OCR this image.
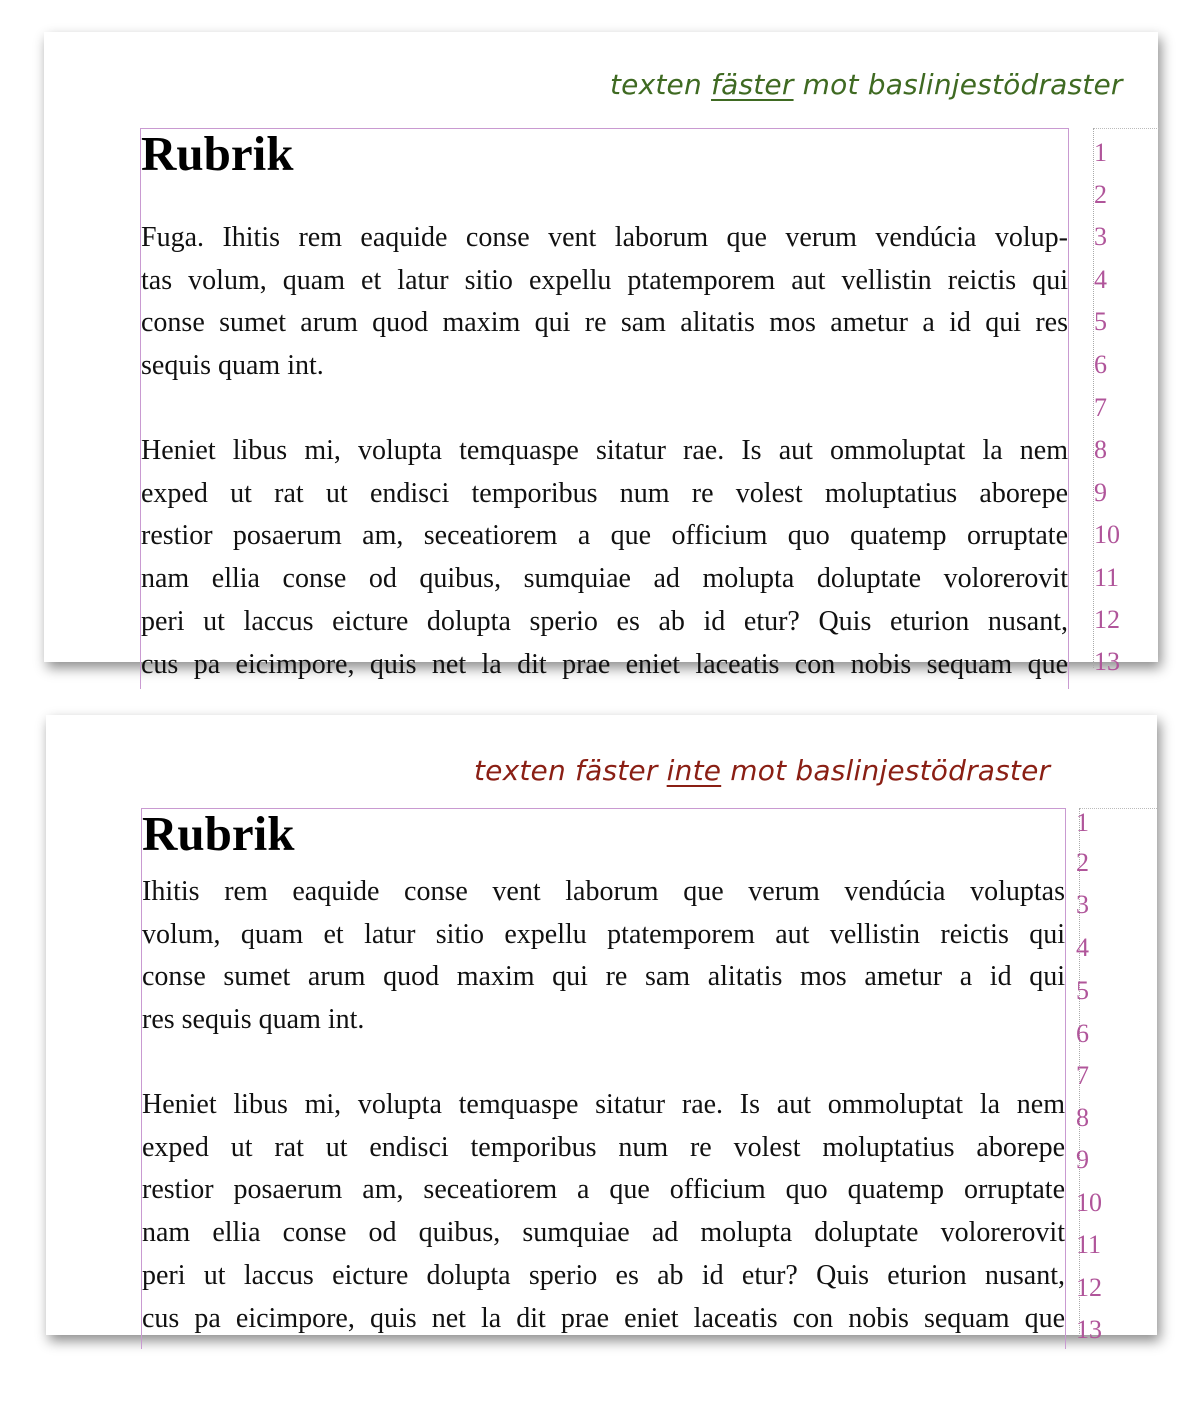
texten fäster mot baslinjestödraster
Rubrik

Fuga. Ihitis rem eaquide conse vent laborum que verum vendúcia volup-
tas volum, quam et latur sitio expellu ptatemporem aut vellistin reictis qui
conse sumet arum quod maxim qui re sam alitatis mos ametur a id qui res
sequis quam int.

Heniet libus mi, volupta temquaspe sitatur rae. Is aut ommoluptat la nem
exped ut rat ut endisci temporibus num re volest moluptatius aborepe
restior posaerum am, seceatiorem a que officium quo quatemp orruptate
nam ellia conse od quibus, sumquiae ad molupta doluptate volorerovit
peri ut laccus eicture dolupta sperio es ab id etur? Quis eturion nusant,
cus pa eicimpore, quis net la dit prae eniet laceatis con nobis sequam que

1
2
3
4
5
6
7
8
9
10
11
12
13
texten fäster inte mot baslinjestödraster
Rubrik

Ihitis rem eaquide conse vent laborum que verum vendúcia voluptas
volum, quam et latur sitio expellu ptatemporem aut vellistin reictis qui
conse sumet arum quod maxim qui re sam alitatis mos ametur a id qui
res sequis quam int.

Heniet libus mi, volupta temquaspe sitatur rae. Is aut ommoluptat la nem
exped ut rat ut endisci temporibus num re volest moluptatius aborepe
restior posaerum am, seceatiorem a que officium quo quatemp orruptate
nam ellia conse od quibus, sumquiae ad molupta doluptate volorerovit
peri ut laccus eicture dolupta sperio es ab id etur? Quis eturion nusant,
cus pa eicimpore, quis net la dit prae eniet laceatis con nobis sequam que

1
2
3
4
5
6
7
8
9
10
11
12
13
